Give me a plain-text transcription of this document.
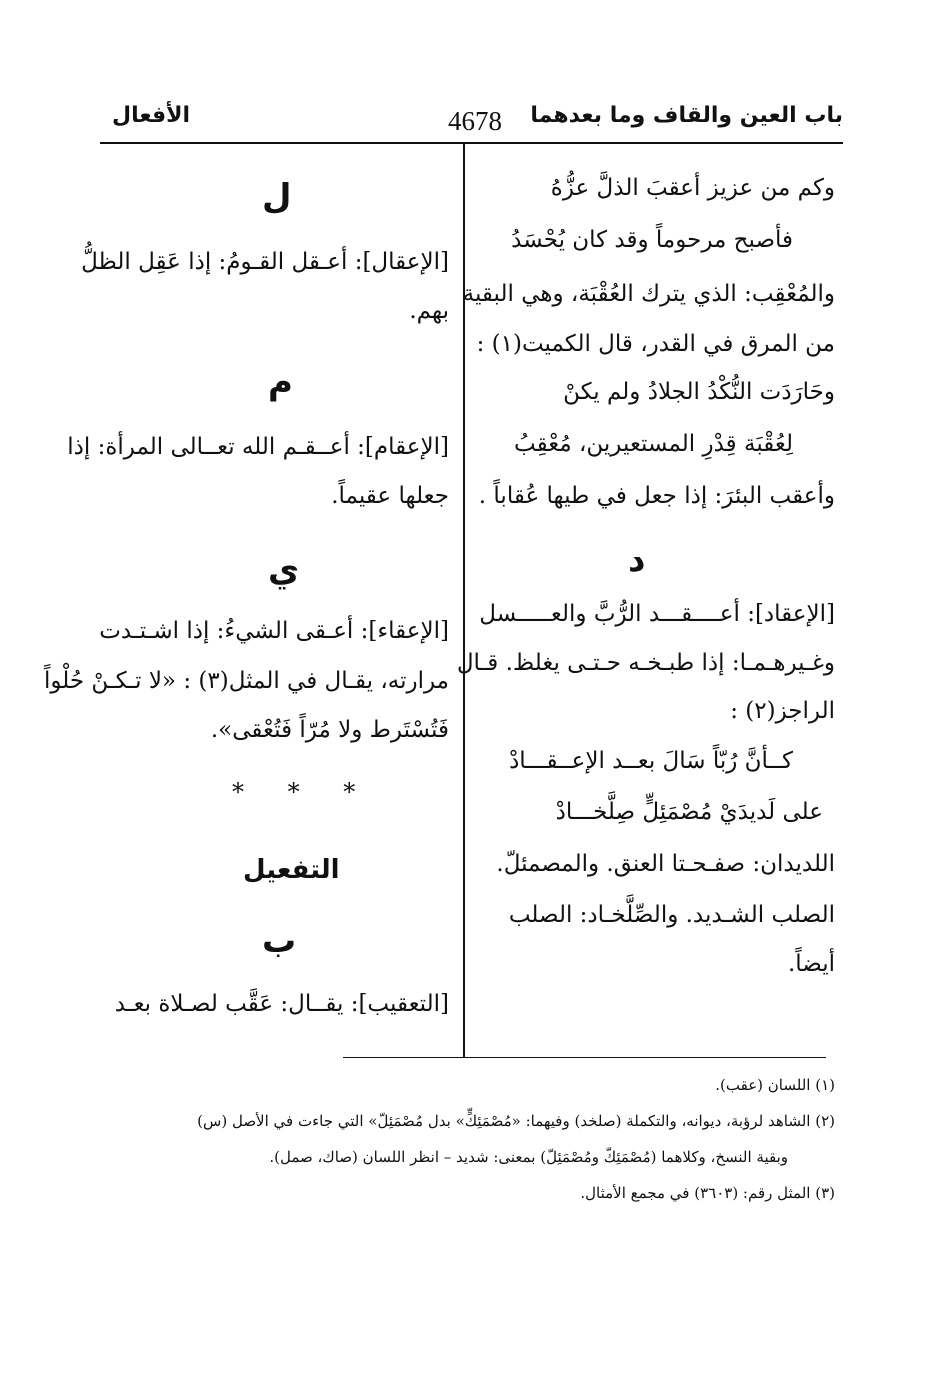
باب العين والقاف وما بعدهما
4678
الأفعال
وكم من عزيز أعقبَ الذلَّ عزُّهُ
فأصبح مرحوماً وقد كان يُحْسَدُ
والمُعْقِب: الذي يترك العُقْبَة، وهي البقية
من المرق في القدر، قال الكميت(١) :
وحَارَدَت النُّكْدُ الجلادُ ولم يكنْ
لِعُقْبَة قِدْرِ المستعيرين، مُعْقِبُ
وأعقب البئرَ: إذا جعل في طيها عُقاباً .
د
[الإعقاد]: أعــــقـــد الرُّبَّ والعـــــسل
وغـيرهـمـا: إذا طبـخـه حـتـى يغلظ. قـال
الراجز(٢) :
كــأنَّ رُبّاً سَالَ بعــد الإعــقـــادْ
على لَديدَيْ مُصْمَئِلٍّ صِلَّخـــادْ
اللديدان: صفـحـتا العنق. والمصمئلّ.
الصلب الشـديد. والصِّلَّخـاد: الصلب
أيضاً.
ل
[الإعقال]: أعـقل القـومُ: إذا عَقِل الظلُّ
بهم.
م
[الإعقام]: أعــقـم الله تعــالى المرأة: إذا
جعلها عقيماً.
ي
[الإعقاء]: أعـقى الشيءُ: إذا اشـتـدت
مرارته، يقـال في المثل(٣) : «لا تـكـنْ حُلْواً
فَتُسْتَرط ولا مُرّاً فَتُعْقى».
* * *
التفعيل
ب
[التعقيب]: يقــال: عَقَّب لصـلاة بعـد
(١) اللسان (عقب).
(٢) الشاهد لرؤبة، ديوانه، والتكملة (صلخد) وفيهما: «مُصْمَئِكٍّ» بدل مُصْمَئِلّ» التي جاءت في الأصل (س)
وبقية النسخ، وكلاهما (مُصْمَئِكّ ومُصْمَئِلّ) بمعنى: شديد – انظر اللسان (صاك، صمل).
(٣) المثل رقم: (٣٦٠٣) في مجمع الأمثال.
